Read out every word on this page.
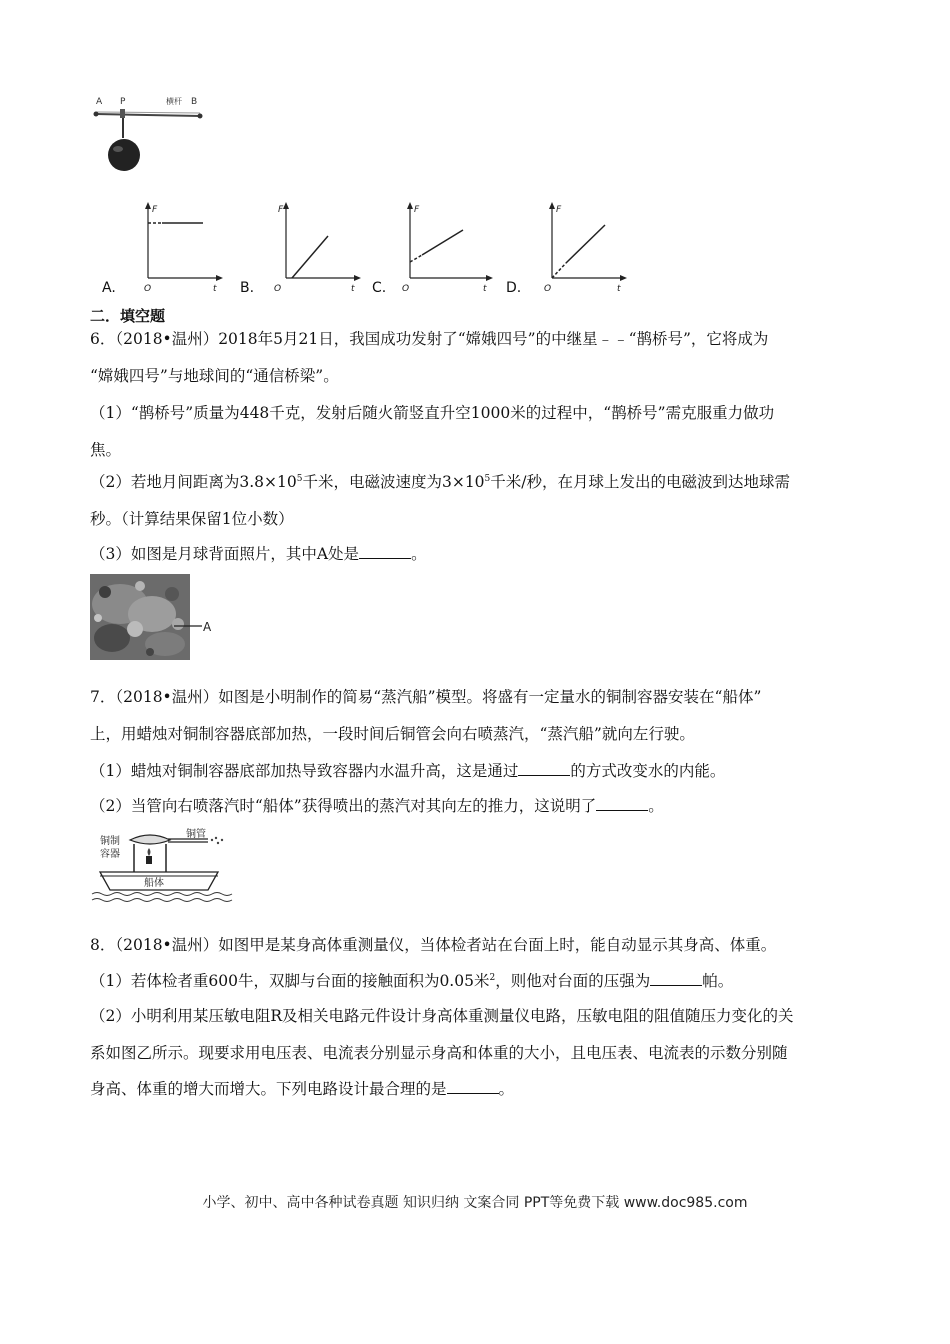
A P	横杆 B
A.
F
O	t B.
F
O	t C.
F
O	t D.
F
O	t
二．填空题
6．（2018•温州）2018年5月21日，我国成功发射了“嫦娥四号”的中继星﹣﹣“鹊桥号”，它将成为
“嫦娥四号”与地球间的“通信桥梁”。
（1）“鹊桥号”质量为448千克，发射后随火箭竖直升空1000米的过程中，“鹊桥号”需克服重力做功
焦。
（2）若地月间距离为$3.8\times 10^5$千米，电磁波速度为$3\times 10^5$千米/秒，在月球上发出的电磁波到达地球需
秒。（计算结果保留1位小数）
（3）如图是月球背面照片，其中A处是	。
A
7．（2018•温州）如图是小明制作的简易“蒸汽船”模型。将盛有一定量水的铜制容器安装在“船体”
上，用蜡烛对铜制容器底部加热，一段时间后铜管会向右喷蒸汽，“蒸汽船”就向左行驶。
（1）蜡烛对铜制容器底部加热导致容器内水温升高，这是通过	的方式改变水的内能。
（2）当管向右喷落汽时“船体”获得喷出的蒸汽对其向左的推力，这说明了	。
铜管
铜制
容器
船体
8．（2018•温州）如图甲是某身高体重测量仪，当体检者站在台面上时，能自动显示其身高、体重。
（1）若体检者重600牛，双脚与台面的接触面积为0.05米$^2$，则他对台面的压强为	帕。
（2）小明利用某压敏电阻R及相关电路元件设计身高体重测量仪电路，压敏电阻的阻值随压力变化的关
系如图乙所示。现要求用电压表、电流表分别显示身高和体重的大小，且电压表、电流表的示数分别随
身高、体重的增大而增大。下列电路设计最合理的是	。
小学、初中、高中各种试卷真题 知识归纳 文案合同 PPT等免费下载 www.doc985.com
